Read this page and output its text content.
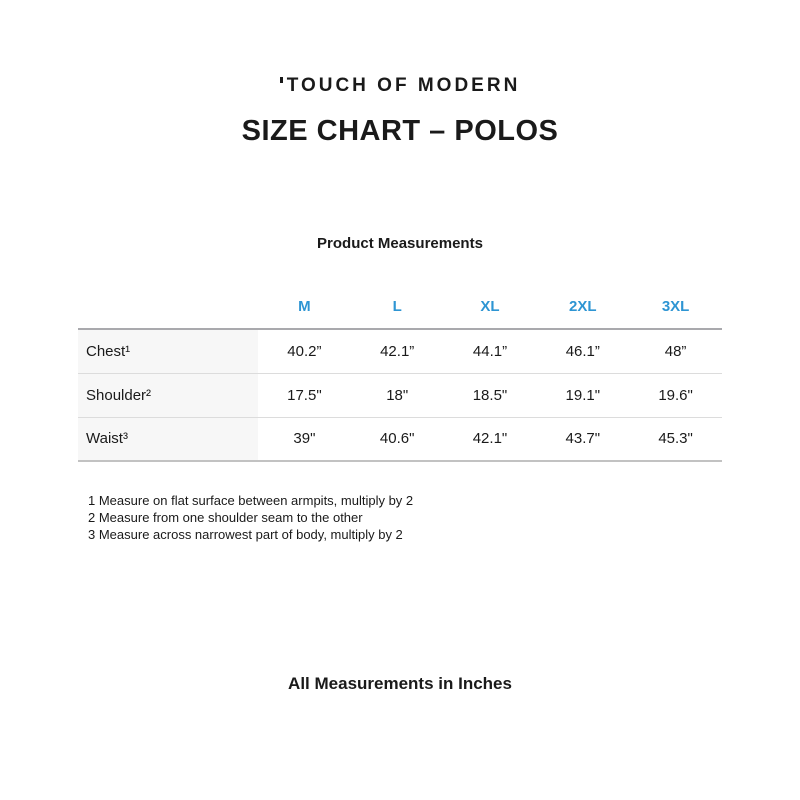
TOUCH OF MODERN
SIZE CHART – POLOS
Product Measurements
	M	L	XL	2XL	3XL
Chest¹	40.2”	42.1”	44.1”	46.1”	48”
Shoulder²	17.5"	18"	18.5"	19.1"	19.6"
Waist³	39"	40.6"	42.1"	43.7"	45.3"
1 Measure on flat surface between armpits, multiply by 2
2 Measure from one shoulder seam to the other
3 Measure across narrowest part of body, multiply by 2
All Measurements in Inches
